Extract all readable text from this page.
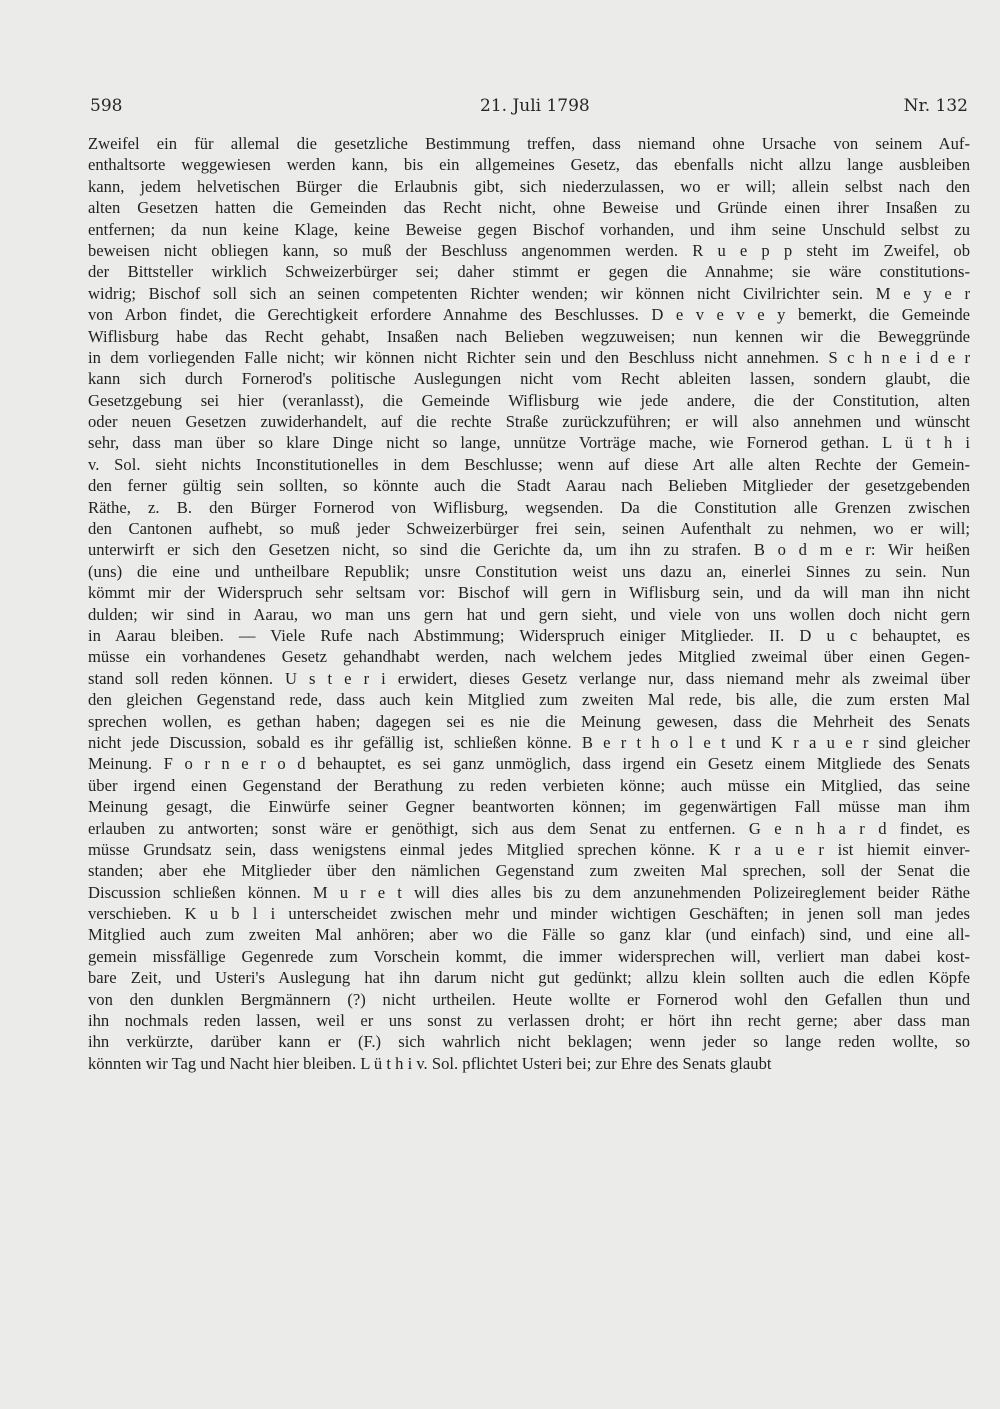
598	21. Juli 1798	Nr. 132
Zweifel ein für allemal die gesetzliche Bestimmung treffen, dass niemand ohne Ursache von seinem Auf-
enthaltsorte weggewiesen werden kann, bis ein allgemeines Gesetz, das ebenfalls nicht allzu lange ausbleiben
kann, jedem helvetischen Bürger die Erlaubnis gibt, sich niederzulassen, wo er will; allein selbst nach den
alten Gesetzen hatten die Gemeinden das Recht nicht, ohne Beweise und Gründe einen ihrer Insaßen zu
entfernen; da nun keine Klage, keine Beweise gegen Bischof vorhanden, und ihm seine Unschuld selbst zu
beweisen nicht obliegen kann, so muß der Beschluss angenommen werden. R u e p p steht im Zweifel, ob
der Bittsteller wirklich Schweizerbürger sei; daher stimmt er gegen die Annahme; sie wäre constitutions-
widrig; Bischof soll sich an seinen competenten Richter wenden; wir können nicht Civilrichter sein. M e y e r
von Arbon findet, die Gerechtigkeit erfordere Annahme des Beschlusses. D e v e v e y bemerkt, die Gemeinde
Wiflisburg habe das Recht gehabt, Insaßen nach Belieben wegzuweisen; nun kennen wir die Beweggründe
in dem vorliegenden Falle nicht; wir können nicht Richter sein und den Beschluss nicht annehmen. S c h n e i d e r
kann sich durch Fornerod's politische Auslegungen nicht vom Recht ableiten lassen, sondern glaubt, die
Gesetzgebung sei hier (veranlasst), die Gemeinde Wiflisburg wie jede andere, die der Constitution, alten
oder neuen Gesetzen zuwiderhandelt, auf die rechte Straße zurückzuführen; er will also annehmen und wünscht
sehr, dass man über so klare Dinge nicht so lange, unnütze Vorträge mache, wie Fornerod gethan. L ü t h i
v. Sol. sieht nichts Inconstitutionelles in dem Beschlusse; wenn auf diese Art alle alten Rechte der Gemein-
den ferner gültig sein sollten, so könnte auch die Stadt Aarau nach Belieben Mitglieder der gesetzgebenden
Räthe, z. B. den Bürger Fornerod von Wiflisburg, wegsenden. Da die Constitution alle Grenzen zwischen
den Cantonen aufhebt, so muß jeder Schweizerbürger frei sein, seinen Aufenthalt zu nehmen, wo er will;
unterwirft er sich den Gesetzen nicht, so sind die Gerichte da, um ihn zu strafen. B o d m e r: Wir heißen
(uns) die eine und untheilbare Republik; unsre Constitution weist uns dazu an, einerlei Sinnes zu sein. Nun
kömmt mir der Widerspruch sehr seltsam vor: Bischof will gern in Wiflisburg sein, und da will man ihn nicht
dulden; wir sind in Aarau, wo man uns gern hat und gern sieht, und viele von uns wollen doch nicht gern
in Aarau bleiben. — Viele Rufe nach Abstimmung; Widerspruch einiger Mitglieder. II. D u c behauptet, es
müsse ein vorhandenes Gesetz gehandhabt werden, nach welchem jedes Mitglied zweimal über einen Gegen-
stand soll reden können. U s t e r i erwidert, dieses Gesetz verlange nur, dass niemand mehr als zweimal über
den gleichen Gegenstand rede, dass auch kein Mitglied zum zweiten Mal rede, bis alle, die zum ersten Mal
sprechen wollen, es gethan haben; dagegen sei es nie die Meinung gewesen, dass die Mehrheit des Senats
nicht jede Discussion, sobald es ihr gefällig ist, schließen könne. B e r t h o l e t und K r a u e r sind gleicher
Meinung. F o r n e r o d behauptet, es sei ganz unmöglich, dass irgend ein Gesetz einem Mitgliede des Senats
über irgend einen Gegenstand der Berathung zu reden verbieten könne; auch müsse ein Mitglied, das seine
Meinung gesagt, die Einwürfe seiner Gegner beantworten können; im gegenwärtigen Fall müsse man ihm
erlauben zu antworten; sonst wäre er genöthigt, sich aus dem Senat zu entfernen. G e n h a r d findet, es
müsse Grundsatz sein, dass wenigstens einmal jedes Mitglied sprechen könne. K r a u e r ist hiemit einver-
standen; aber ehe Mitglieder über den nämlichen Gegenstand zum zweiten Mal sprechen, soll der Senat die
Discussion schließen können. M u r e t will dies alles bis zu dem anzunehmenden Polizeireglement beider Räthe
verschieben. K u b l i unterscheidet zwischen mehr und minder wichtigen Geschäften; in jenen soll man jedes
Mitglied auch zum zweiten Mal anhören; aber wo die Fälle so ganz klar (und einfach) sind, und eine all-
gemein missfällige Gegenrede zum Vorschein kommt, die immer widersprechen will, verliert man dabei kost-
bare Zeit, und Usteri's Auslegung hat ihn darum nicht gut gedünkt; allzu klein sollten auch die edlen Köpfe
von den dunklen Bergmännern (?) nicht urtheilen. Heute wollte er Fornerod wohl den Gefallen thun und
ihn nochmals reden lassen, weil er uns sonst zu verlassen droht; er hört ihn recht gerne; aber dass man
ihn verkürzte, darüber kann er (F.) sich wahrlich nicht beklagen; wenn jeder so lange reden wollte, so
könnten wir Tag und Nacht hier bleiben. L ü t h i v. Sol. pflichtet Usteri bei; zur Ehre des Senats glaubt
